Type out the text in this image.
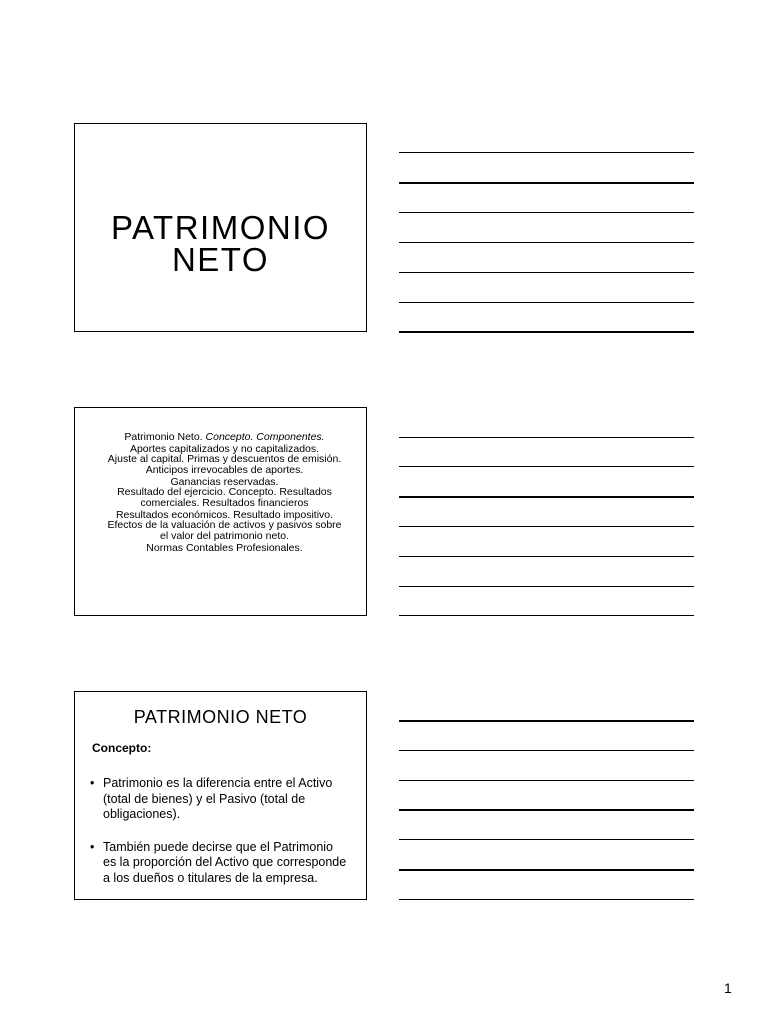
PATRIMONIO
NETO
Patrimonio Neto. Concepto. Componentes.
Aportes capitalizados y no capitalizados.
Ajuste al capital. Primas y descuentos de emisión.
Anticipos irrevocables de aportes.
Ganancias reservadas.
Resultado del ejercicio. Concepto. Resultados
comerciales. Resultados financieros
Resultados económicos. Resultado impositivo.
Efectos de la valuación de activos y pasivos sobre
el valor del patrimonio neto.
Normas Contables Profesionales.
PATRIMONIO NETO
Concepto:
• Patrimonio es la diferencia entre el Activo
(total de bienes) y el Pasivo (total de
obligaciones).
• También puede decirse que el Patrimonio
es la proporción del Activo que corresponde
a los dueños o titulares de la empresa.
1
